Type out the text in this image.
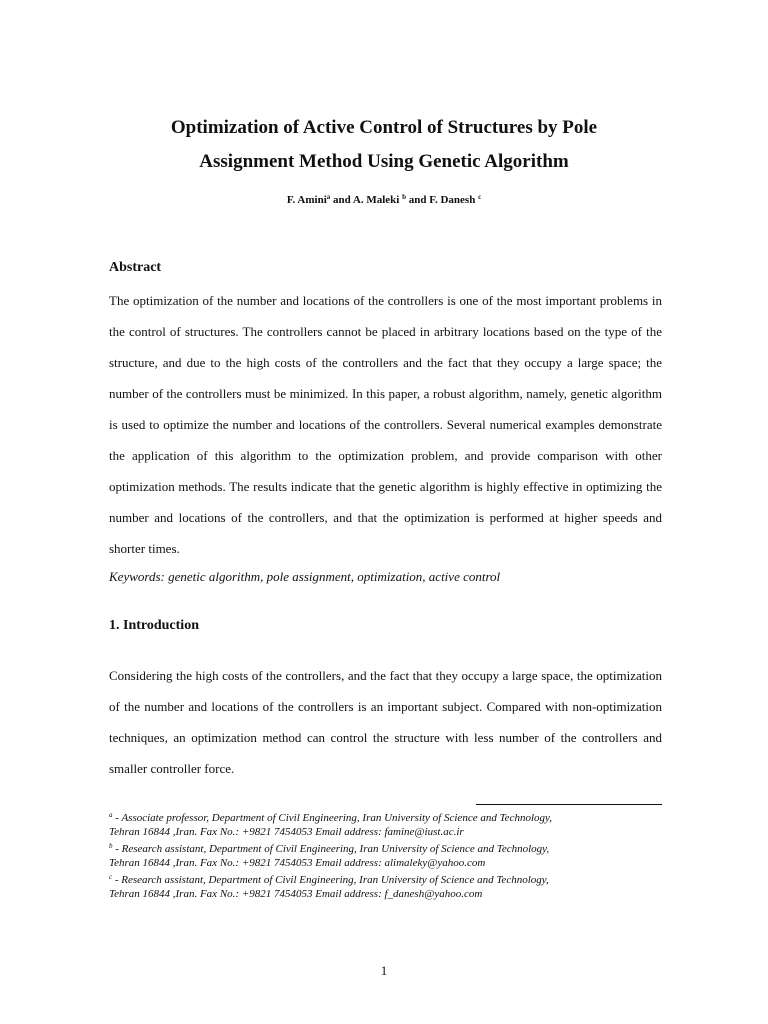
Optimization of Active Control of Structures by Pole
Assignment Method Using Genetic Algorithm
F. Amini$^a$ and A. Maleki $^b$ and F. Danesh $^c$
Abstract
The optimization of the number and locations of the controllers is one of the most important problems in the control of structures. The controllers cannot be placed in arbitrary locations based on the type of the structure, and due to the high costs of the controllers and the fact that they occupy a large space; the number of the controllers must be minimized. In this paper, a robust algorithm, namely, genetic algorithm is used to optimize the number and locations of the controllers. Several numerical examples demonstrate the application of this algorithm to the optimization problem, and provide comparison with other optimization methods. The results indicate that the genetic algorithm is highly effective in optimizing the number and locations of the controllers, and that the optimization is performed at higher speeds and shorter times.
Keywords: genetic algorithm, pole assignment, optimization, active control
1. Introduction
Considering the high costs of the controllers, and the fact that they occupy a large space, the optimization of the number and locations of the controllers is an important subject. Compared with non-optimization techniques, an optimization method can control the structure with less number of the controllers and smaller controller force.
$^a$ - Associate professor, Department of Civil Engineering, Iran University of Science and Technology,
Tehran 16844 ,Iran. Fax No.: +9821 7454053 Email address: famine@iust.ac.ir
$^b$ - Research assistant, Department of Civil Engineering, Iran University of Science and Technology,
Tehran 16844 ,Iran. Fax No.: +9821 7454053 Email address: alimaleky@yahoo.com
$^c$ - Research assistant, Department of Civil Engineering, Iran University of Science and Technology,
Tehran 16844 ,Iran. Fax No.: +9821 7454053 Email address: f_danesh@yahoo.com
1
